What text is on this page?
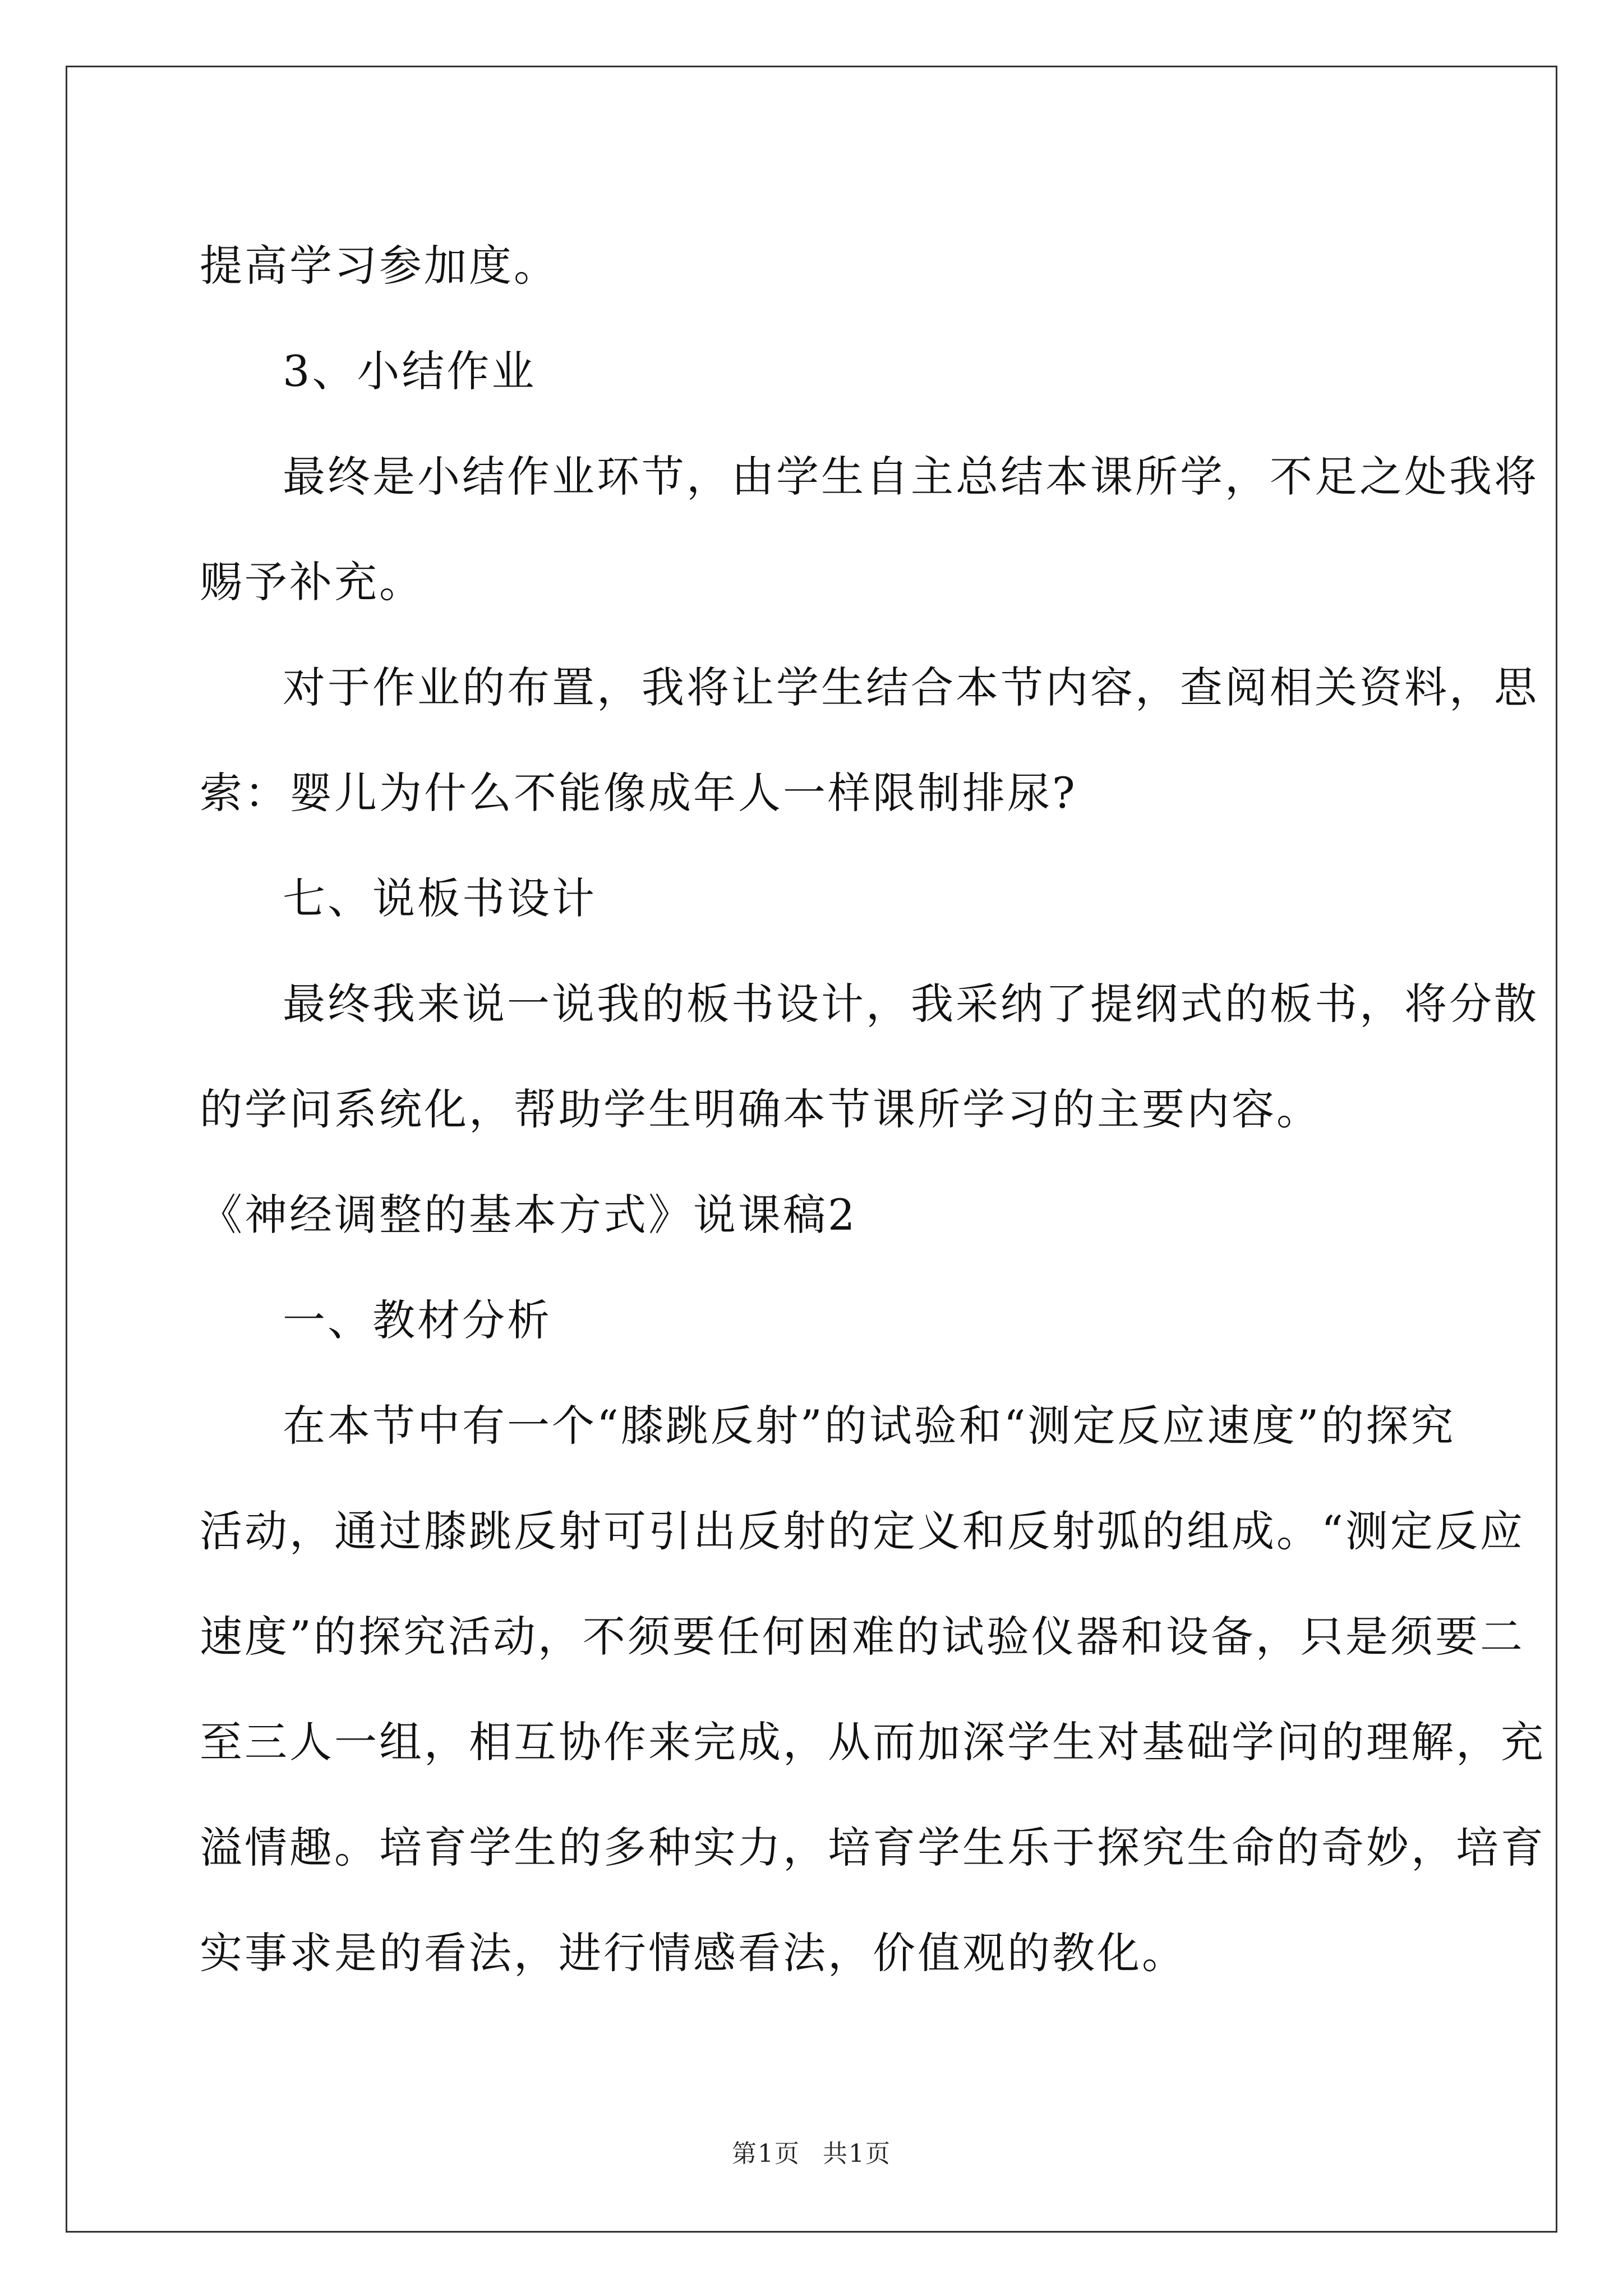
提高学习参加度。

3、小结作业

最终是小结作业环节，由学生自主总结本课所学，不足之处我将

赐予补充。

对于作业的布置，我将让学生结合本节内容，查阅相关资料，思

索：婴儿为什么不能像成年人一样限制排尿?

七、说板书设计

最终我来说一说我的板书设计，我采纳了提纲式的板书，将分散

的学问系统化，帮助学生明确本节课所学习的主要内容。

《神经调整的基本方式》说课稿2

一、教材分析

在本节中有一个“膝跳反射”的试验和“测定反应速度”的探究

活动，通过膝跳反射可引出反射的定义和反射弧的组成。“测定反应

速度”的探究活动，不须要任何困难的试验仪器和设备，只是须要二

至三人一组，相互协作来完成，从而加深学生对基础学问的理解，充

溢情趣。培育学生的多种实力，培育学生乐于探究生命的奇妙，培育

实事求是的看法，进行情感看法，价值观的教化。

第1页 共1页
